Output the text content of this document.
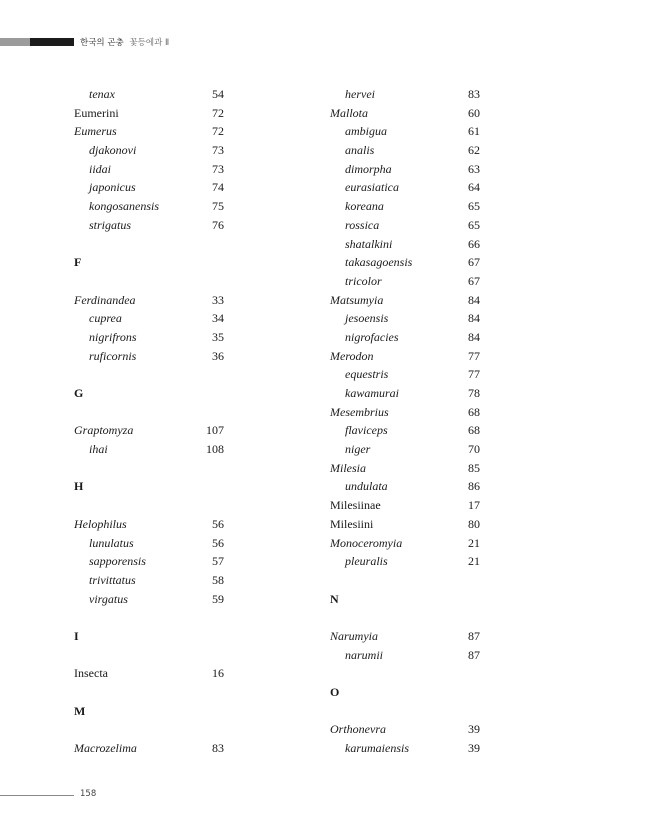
한국의 곤충 꽃등에과 Ⅱ
tenax	54
Eumerini	72
Eumerus	72
djakonovi	73
iidai	73
japonicus	74
kongosanensis	75
strigatus	76
F
Ferdinandea	33
cuprea	34
nigrifrons	35
ruficornis	36
G
Graptomyza	107
ihai	108
H
Helophilus	56
lunulatus	56
sapporensis	57
trivittatus	58
virgatus	59
I
Insecta	16
M
Macrozelima	83
hervei	83
Mallota	60
ambigua	61
analis	62
dimorpha	63
eurasiatica	64
koreana	65
rossica	65
shatalkini	66
takasagoensis	67
tricolor	67
Matsumyia	84
jesoensis	84
nigrofacies	84
Merodon	77
equestris	77
kawamurai	78
Mesembrius	68
flaviceps	68
niger	70
Milesia	85
undulata	86
Milesiinae	17
Milesiini	80
Monoceromyia	21
pleuralis	21
N
Narumyia	87
narumii	87
O
Orthonevra	39
karumaiensis	39
158
